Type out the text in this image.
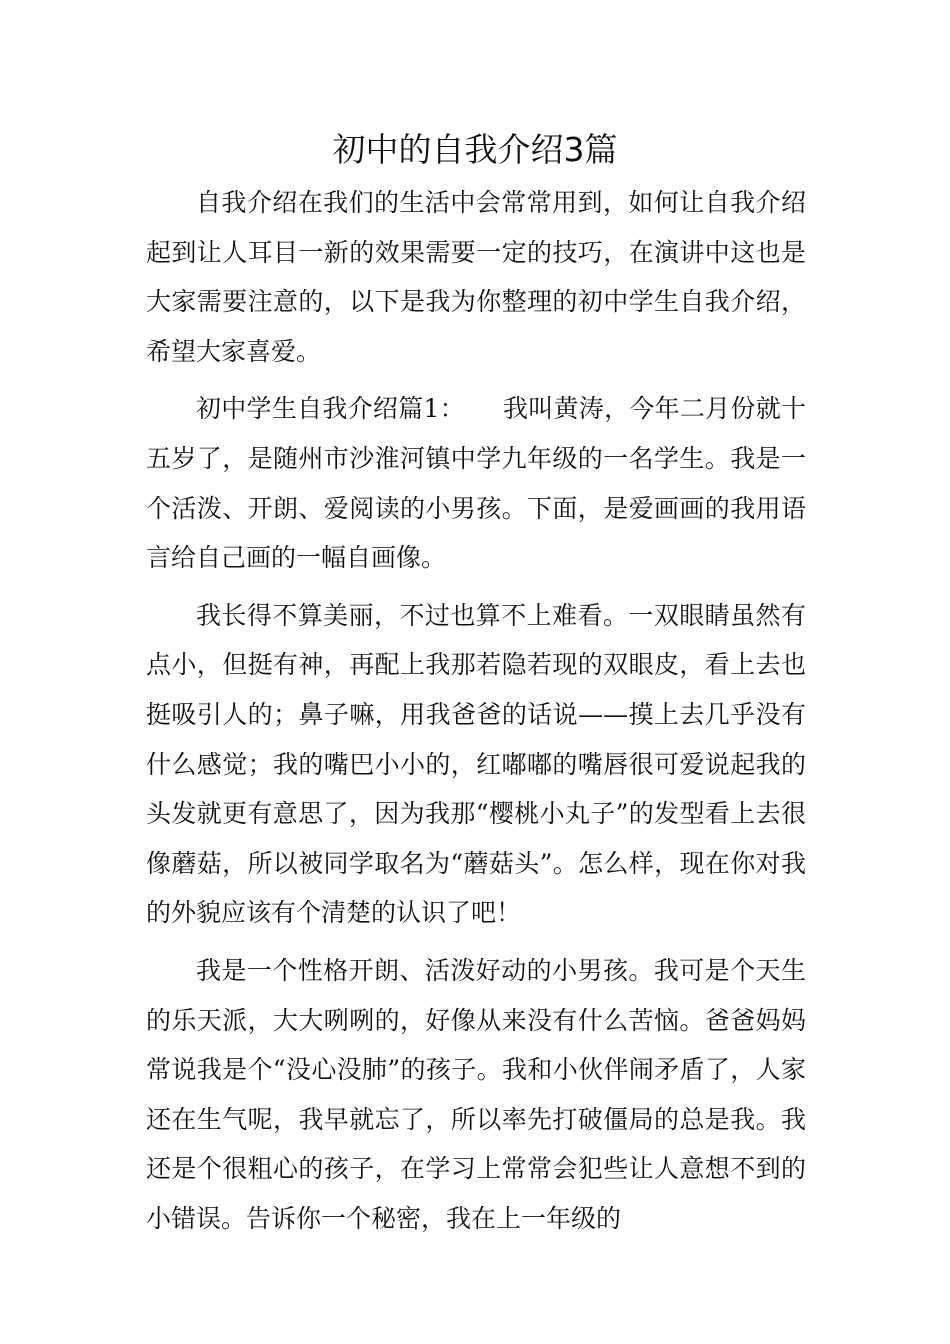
初中的自我介绍3篇

自我介绍在我们的生活中会常常用到，如何让自我介绍起到让人耳目一新的效果需要一定的技巧，在演讲中这也是大家需要注意的，以下是我为你整理的初中学生自我介绍，希望大家喜爱。

初中学生自我介绍篇1：　　我叫黄涛，今年二月份就十五岁了，是随州市沙淮河镇中学九年级的一名学生。我是一个活泼、开朗、爱阅读的小男孩。下面，是爱画画的我用语言给自己画的一幅自画像。

我长得不算美丽，不过也算不上难看。一双眼睛虽然有点小，但挺有神，再配上我那若隐若现的双眼皮，看上去也挺吸引人的；鼻子嘛，用我爸爸的话说——摸上去几乎没有什么感觉；我的嘴巴小小的，红嘟嘟的嘴唇很可爱说起我的头发就更有意思了，因为我那“樱桃小丸子”的发型看上去很像蘑菇，所以被同学取名为“蘑菇头”。怎么样，现在你对我的外貌应该有个清楚的认识了吧！

我是一个性格开朗、活泼好动的小男孩。我可是个天生的乐天派，大大咧咧的，好像从来没有什么苦恼。爸爸妈妈常说我是个“没心没肺”的孩子。我和小伙伴闹矛盾了，人家还在生气呢，我早就忘了，所以率先打破僵局的总是我。我还是个很粗心的孩子，在学习上常常会犯些让人意想不到的小错误。告诉你一个秘密，我在上一年级的
